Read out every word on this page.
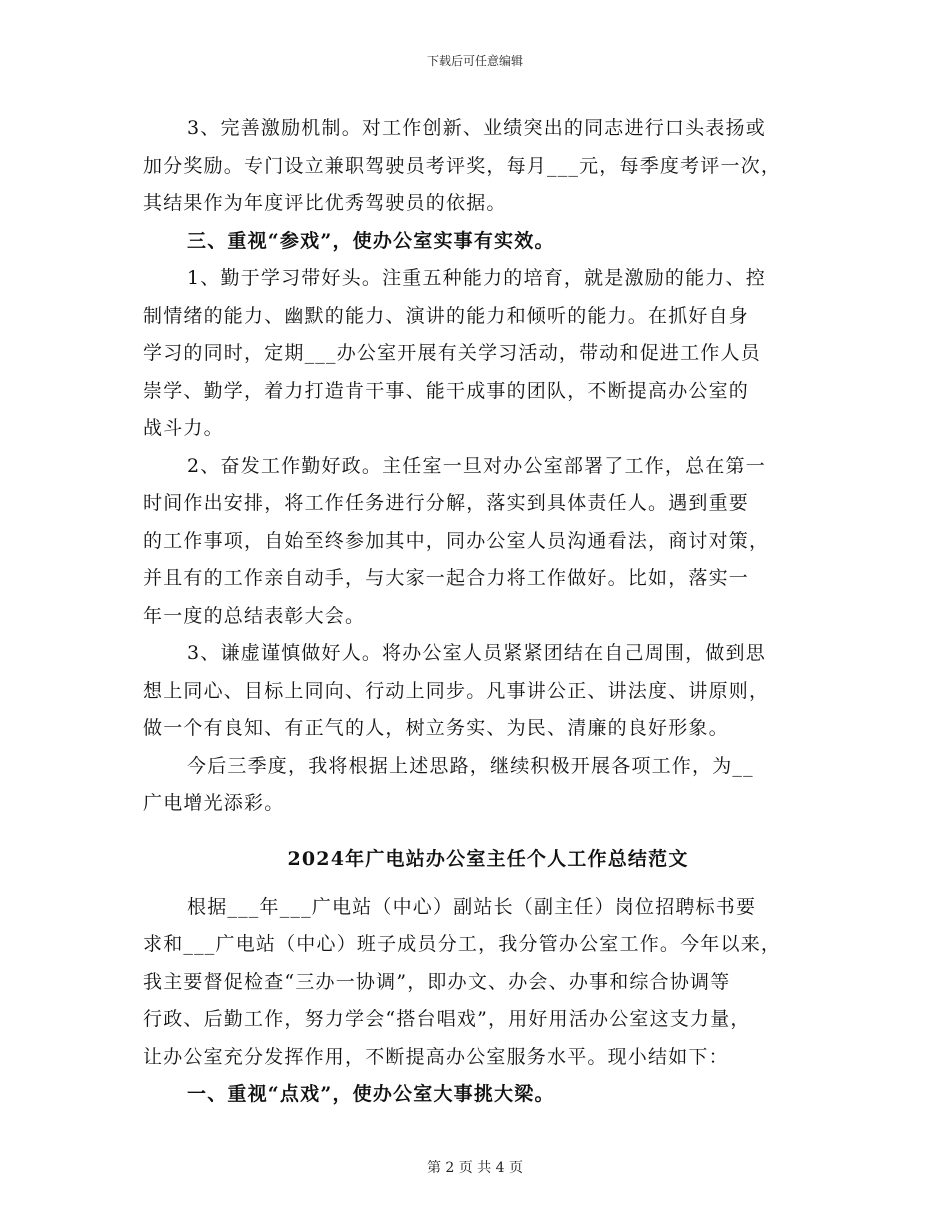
下载后可任意编辑
3、完善激励机制。对工作创新、业绩突出的同志进行口头表扬或
加分奖励。专门设立兼职驾驶员考评奖，每月___元，每季度考评一次，
其结果作为年度评比优秀驾驶员的依据。
三、重视“参戏”，使办公室实事有实效。
1、勤于学习带好头。注重五种能力的培育，就是激励的能力、控
制情绪的能力、幽默的能力、演讲的能力和倾听的能力。在抓好自身
学习的同时，定期___办公室开展有关学习活动，带动和促进工作人员
崇学、勤学，着力打造肯干事、能干成事的团队，不断提高办公室的
战斗力。
2、奋发工作勤好政。主任室一旦对办公室部署了工作，总在第一
时间作出安排，将工作任务进行分解，落实到具体责任人。遇到重要
的工作事项，自始至终参加其中，同办公室人员沟通看法，商讨对策，
并且有的工作亲自动手，与大家一起合力将工作做好。比如，落实一
年一度的总结表彰大会。
3、谦虚谨慎做好人。将办公室人员紧紧团结在自己周围，做到思
想上同心、目标上同向、行动上同步。凡事讲公正、讲法度、讲原则，
做一个有良知、有正气的人，树立务实、为民、清廉的良好形象。
今后三季度，我将根据上述思路，继续积极开展各项工作，为__
广电增光添彩。
2024年广电站办公室主任个人工作总结范文
根据___年___广电站（中心）副站长（副主任）岗位招聘标书要
求和___广电站（中心）班子成员分工，我分管办公室工作。今年以来，
我主要督促检查“三办一协调”，即办文、办会、办事和综合协调等
行政、后勤工作，努力学会“搭台唱戏”，用好用活办公室这支力量，
让办公室充分发挥作用，不断提高办公室服务水平。现小结如下：
一、重视“点戏”，使办公室大事挑大梁。
第 2 页 共 4 页
